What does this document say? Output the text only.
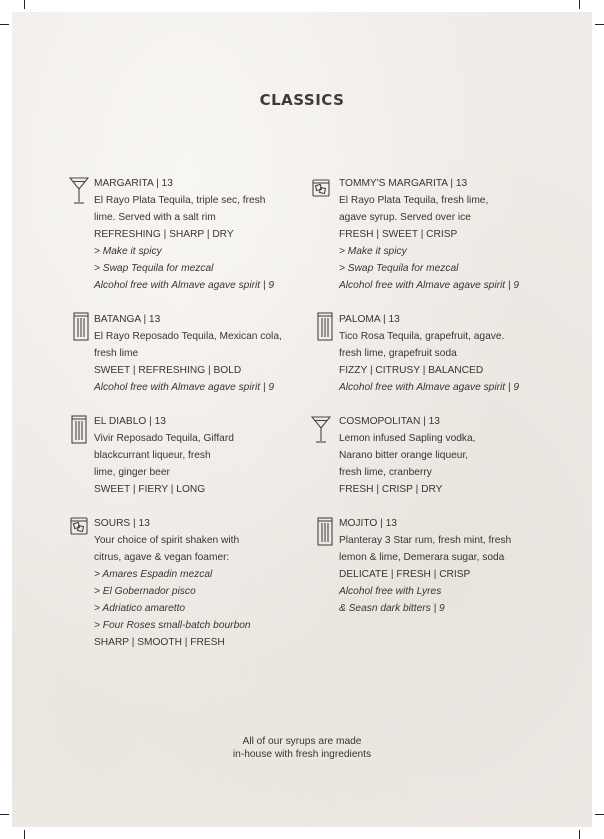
CLASSICS
MARGARITA | 13
El Rayo Plata Tequila, triple sec, fresh
lime. Served with a salt rim
REFRESHING | SHARP | DRY
> Make it spicy
> Swap Tequila for mezcal
Alcohol free with Almave agave spirit | 9
TOMMY'S MARGARITA | 13
El Rayo Plata Tequila, fresh lime,
agave syrup. Served over ice
FRESH | SWEET | CRISP
> Make it spicy
> Swap Tequila for mezcal
Alcohol free with Almave agave spirit | 9
BATANGA | 13
El Rayo Reposado Tequila, Mexican cola,
fresh lime
SWEET | REFRESHING | BOLD
Alcohol free with Almave agave spirit | 9
PALOMA | 13
Tico Rosa Tequila, grapefruit, agave.
fresh lime, grapefruit soda
FIZZY | CITRUSY | BALANCED
Alcohol free with Almave agave spirit | 9
EL DIABLO | 13
Vivir Reposado Tequila, Giffard
blackcurrant liqueur, fresh
lime, ginger beer
SWEET | FIERY | LONG
COSMOPOLITAN | 13
Lemon infused Sapling vodka,
Narano bitter orange liqueur,
fresh lime, cranberry
FRESH | CRISP | DRY
SOURS | 13
Your choice of spirit shaken with
citrus, agave & vegan foamer:
> Amares Espadin mezcal
> El Gobernador pisco
> Adriatico amaretto
> Four Roses small-batch bourbon
SHARP | SMOOTH | FRESH
MOJITO | 13
Planteray 3 Star rum, fresh mint, fresh
lemon & lime, Demerara sugar, soda
DELICATE | FRESH | CRISP
Alcohol free with Lyres
& Seasn dark bitters | 9
All of our syrups are made
in-house with fresh ingredients
